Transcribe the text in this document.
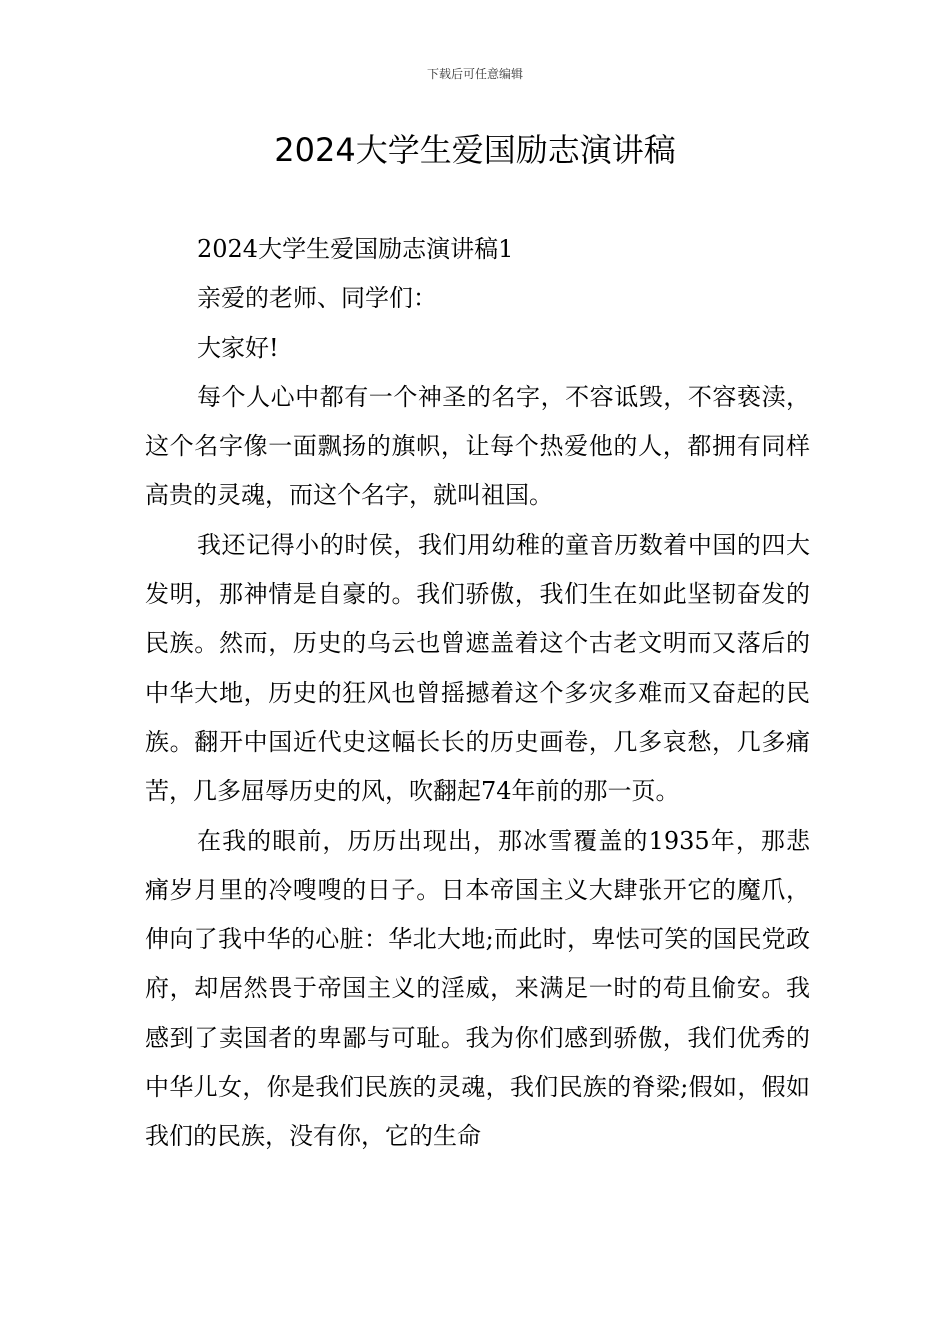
下载后可任意编辑
2024大学生爱国励志演讲稿

2024大学生爱国励志演讲稿1

亲爱的老师、同学们：

大家好!

每个人心中都有一个神圣的名字，不容诋毁，不容亵渎，这个名字像一面飘扬的旗帜，让每个热爱他的人，都拥有同样高贵的灵魂，而这个名字，就叫祖国。

我还记得小的时侯，我们用幼稚的童音历数着中国的四大发明，那神情是自豪的。我们骄傲，我们生在如此坚韧奋发的民族。然而，历史的乌云也曾遮盖着这个古老文明而又落后的中华大地，历史的狂风也曾摇撼着这个多灾多难而又奋起的民族。翻开中国近代史这幅长长的历史画卷，几多哀愁，几多痛苦，几多屈辱历史的风，吹翻起74年前的那一页。

在我的眼前，历历出现出，那冰雪覆盖的1935年，那悲痛岁月里的冷嗖嗖的日子。日本帝国主义大肆张开它的魔爪，伸向了我中华的心脏：华北大地;而此时，卑怯可笑的国民党政府，却居然畏于帝国主义的淫威，来满足一时的苟且偷安。我感到了卖国者的卑鄙与可耻。我为你们感到骄傲，我们优秀的中华儿女，你是我们民族的灵魂，我们民族的脊梁;假如，假如我们的民族，没有你，它的生命
